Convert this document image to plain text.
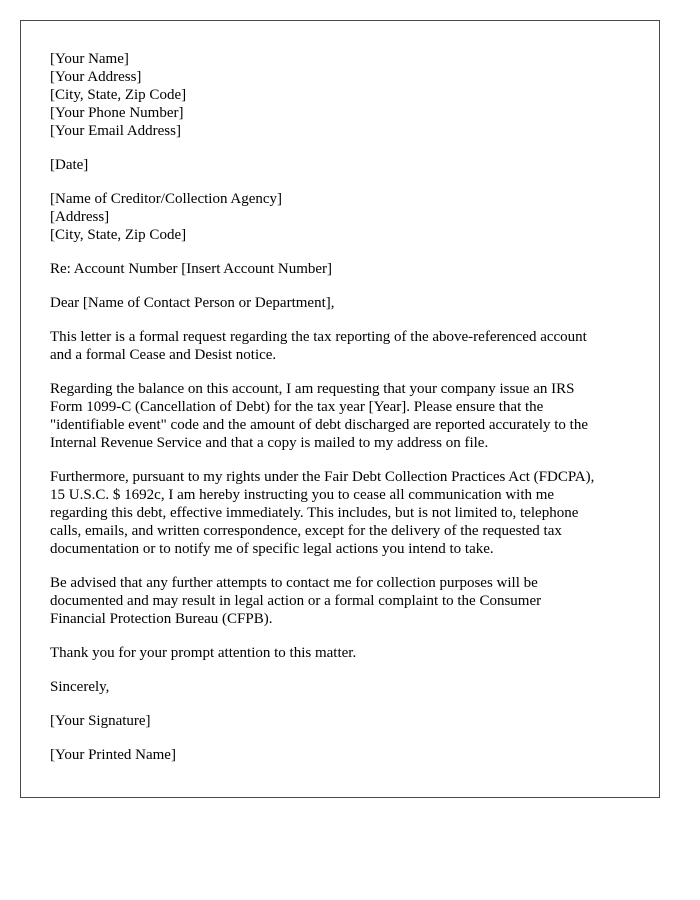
[Your Name]
[Your Address]
[City, State, Zip Code]
[Your Phone Number]
[Your Email Address]
[Date]
[Name of Creditor/Collection Agency]
[Address]
[City, State, Zip Code]
Re: Account Number [Insert Account Number]
Dear [Name of Contact Person or Department],
This letter is a formal request regarding the tax reporting of the above-referenced account
and a formal Cease and Desist notice.
Regarding the balance on this account, I am requesting that your company issue an IRS
Form 1099-C (Cancellation of Debt) for the tax year [Year]. Please ensure that the
"identifiable event" code and the amount of debt discharged are reported accurately to the
Internal Revenue Service and that a copy is mailed to my address on file.
Furthermore, pursuant to my rights under the Fair Debt Collection Practices Act (FDCPA),
15 U.S.C. $ 1692c, I am hereby instructing you to cease all communication with me
regarding this debt, effective immediately. This includes, but is not limited to, telephone
calls, emails, and written correspondence, except for the delivery of the requested tax
documentation or to notify me of specific legal actions you intend to take.
Be advised that any further attempts to contact me for collection purposes will be
documented and may result in legal action or a formal complaint to the Consumer
Financial Protection Bureau (CFPB).
Thank you for your prompt attention to this matter.
Sincerely,
[Your Signature]
[Your Printed Name]
